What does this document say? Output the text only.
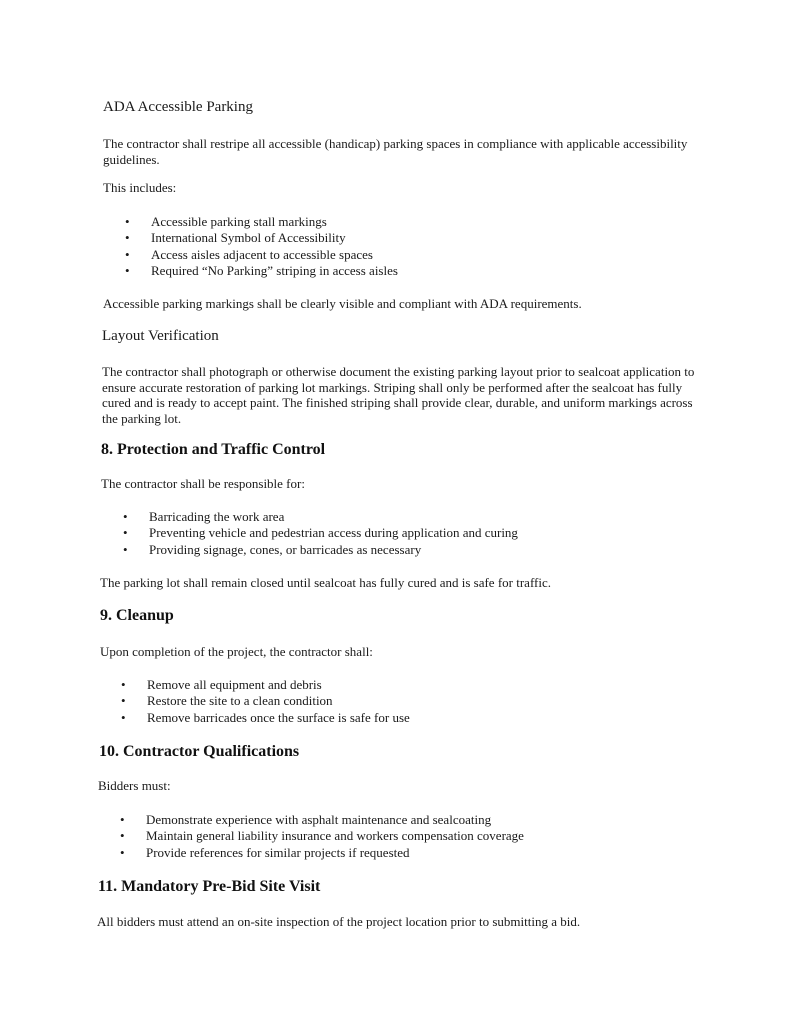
ADA Accessible Parking

The contractor shall restripe all accessible (handicap) parking spaces in compliance with applicable accessibility guidelines.

This includes:

• Accessible parking stall markings
• International Symbol of Accessibility
• Access aisles adjacent to accessible spaces
• Required “No Parking” striping in access aisles

Accessible parking markings shall be clearly visible and compliant with ADA requirements.

Layout Verification

The contractor shall photograph or otherwise document the existing parking layout prior to sealcoat application to ensure accurate restoration of parking lot markings. Striping shall only be performed after the sealcoat has fully cured and is ready to accept paint. The finished striping shall provide clear, durable, and uniform markings across the parking lot.

8. Protection and Traffic Control

The contractor shall be responsible for:

• Barricading the work area
• Preventing vehicle and pedestrian access during application and curing
• Providing signage, cones, or barricades as necessary

The parking lot shall remain closed until sealcoat has fully cured and is safe for traffic.

9. Cleanup

Upon completion of the project, the contractor shall:

• Remove all equipment and debris
• Restore the site to a clean condition
• Remove barricades once the surface is safe for use

10. Contractor Qualifications

Bidders must:

• Demonstrate experience with asphalt maintenance and sealcoating
• Maintain general liability insurance and workers compensation coverage
• Provide references for similar projects if requested

11. Mandatory Pre-Bid Site Visit

All bidders must attend an on-site inspection of the project location prior to submitting a bid.
